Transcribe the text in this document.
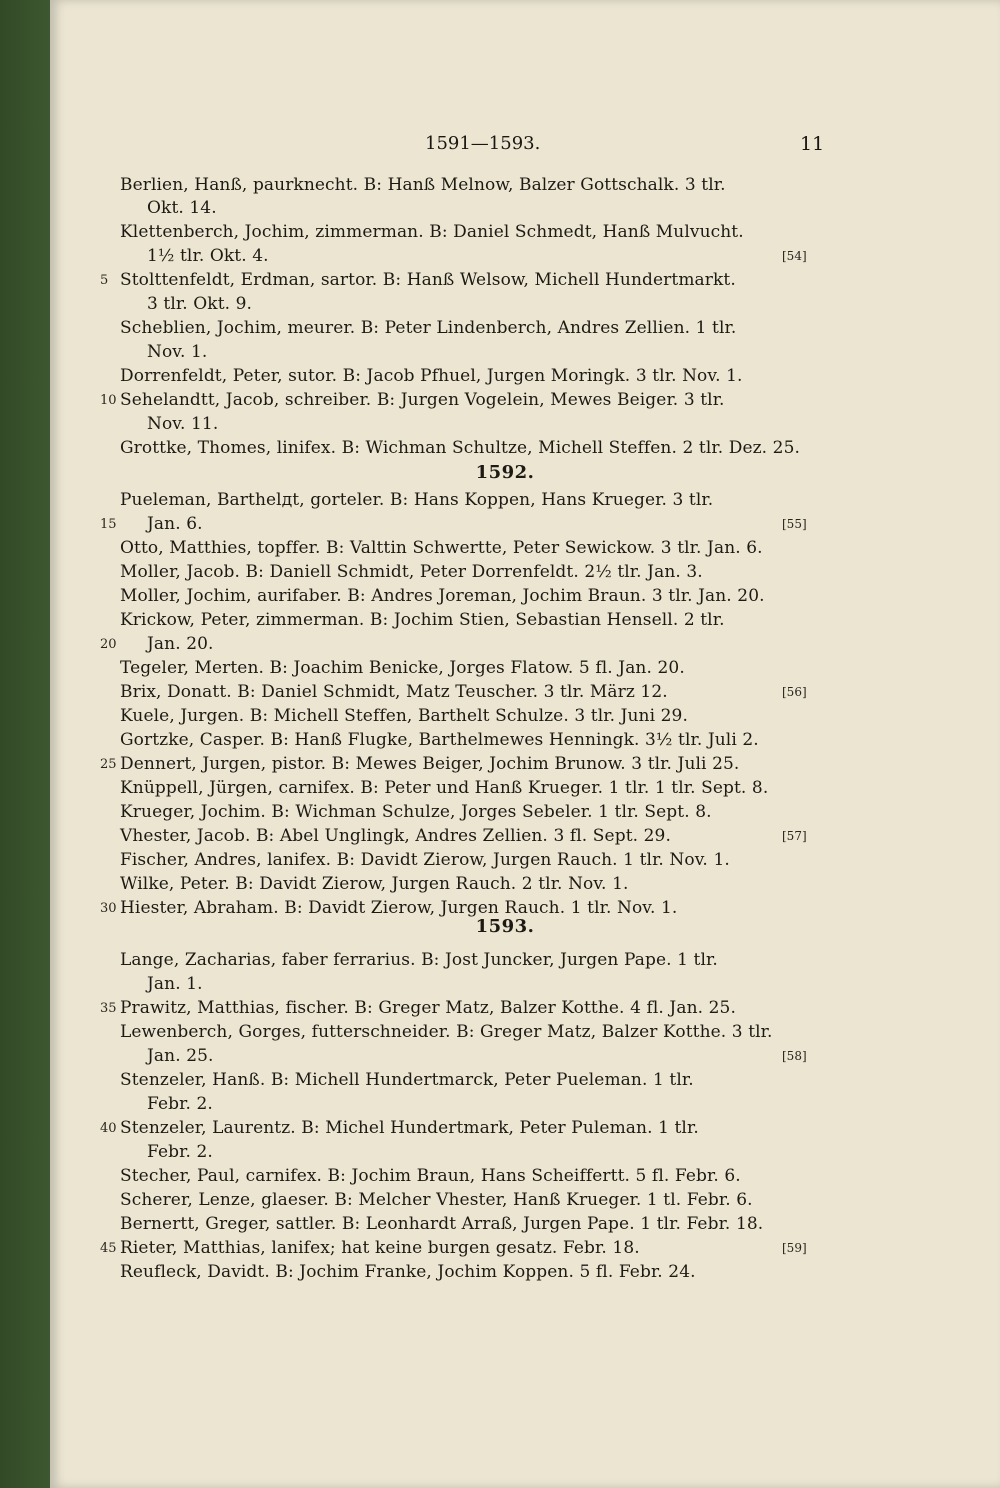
1591—1593.	11
Berlien, Hanß, paurknecht. B: Hanß Melnow, Balzer Gottschalk. 3 tlr.
Okt. 14.
Klettenberch, Jochim, zimmerman. B: Daniel Schmedt, Hanß Mulvucht.
1½ tlr. Okt. 4.	[54]
5 Stolttenfeldt, Erdman, sartor. B: Hanß Welsow, Michell Hundertmarkt.
3 tlr. Okt. 9.
Scheblien, Jochim, meurer. B: Peter Lindenberch, Andres Zellien. 1 tlr.
Nov. 1.
Dorrenfeldt, Peter, sutor. B: Jacob Pfhuel, Jurgen Moringk. 3 tlr. Nov. 1.
10 Sehelandtt, Jacob, schreiber. B: Jurgen Vogelein, Mewes Beiger. 3 tlr.
Nov. 11.
Grottke, Thomes, linifex. B: Wichman Schultze, Michell Steffen. 2 tlr. Dez. 25.
1592.
Pueleman, Barthelдt, gorteler. B: Hans Koppen, Hans Krueger. 3 tlr.
15	Jan. 6.	[55]
Otto, Matthies, topffer. B: Valttin Schwertte, Peter Sewickow. 3 tlr. Jan. 6.
Moller, Jacob. B: Daniell Schmidt, Peter Dorrenfeldt. 2½ tlr. Jan. 3.
Moller, Jochim, aurifaber. B: Andres Joreman, Jochim Braun. 3 tlr. Jan. 20.
Krickow, Peter, zimmerman. B: Jochim Stien, Sebastian Hensell. 2 tlr.
20	Jan. 20.
Tegeler, Merten. B: Joachim Benicke, Jorges Flatow. 5 fl. Jan. 20.
Brix, Donatt. B: Daniel Schmidt, Matz Teuscher. 3 tlr. März 12.	[56]
Kuele, Jurgen. B: Michell Steffen, Barthelt Schulze. 3 tlr. Juni 29.
Gortzke, Casper. B: Hanß Flugke, Barthelmewes Henningk. 3½ tlr. Juli 2.
25 Dennert, Jurgen, pistor. B: Mewes Beiger, Jochim Brunow. 3 tlr. Juli 25.
Knüppell, Jürgen, carnifex. B: Peter und Hanß Krueger. 1 tlr. 1 tlr. Sept. 8.
Krueger, Jochim. B: Wichman Schulze, Jorges Sebeler. 1 tlr. Sept. 8.
Vhester, Jacob. B: Abel Unglingk, Andres Zellien. 3 fl. Sept. 29.	[57]
Fischer, Andres, lanifex. B: Davidt Zierow, Jurgen Rauch. 1 tlr. Nov. 1.
Wilke, Peter. B: Davidt Zierow, Jurgen Rauch. 2 tlr. Nov. 1.
30 Hiester, Abraham. B: Davidt Zierow, Jurgen Rauch. 1 tlr. Nov. 1.
1593.
Lange, Zacharias, faber ferrarius. B: Jost Juncker, Jurgen Pape. 1 tlr.
Jan. 1.
35 Prawitz, Matthias, fischer. B: Greger Matz, Balzer Kotthe. 4 fl. Jan. 25.
Lewenberch, Gorges, futterschneider. B: Greger Matz, Balzer Kotthe. 3 tlr.
Jan. 25.	[58]
Stenzeler, Hanß. B: Michell Hundertmarck, Peter Pueleman. 1 tlr.
Febr. 2.
40 Stenzeler, Laurentz. B: Michel Hundertmark, Peter Puleman. 1 tlr.
Febr. 2.
Stecher, Paul, carnifex. B: Jochim Braun, Hans Scheiffertt. 5 fl. Febr. 6.
Scherer, Lenze, glaeser. B: Melcher Vhester, Hanß Krueger. 1 tl. Febr. 6.
Bernertt, Greger, sattler. B: Leonhardt Arraß, Jurgen Pape. 1 tlr. Febr. 18.
45 Rieter, Matthias, lanifex; hat keine burgen gesatz. Febr. 18.	[59]
Reufleck, Davidt. B: Jochim Franke, Jochim Koppen. 5 fl. Febr. 24.
